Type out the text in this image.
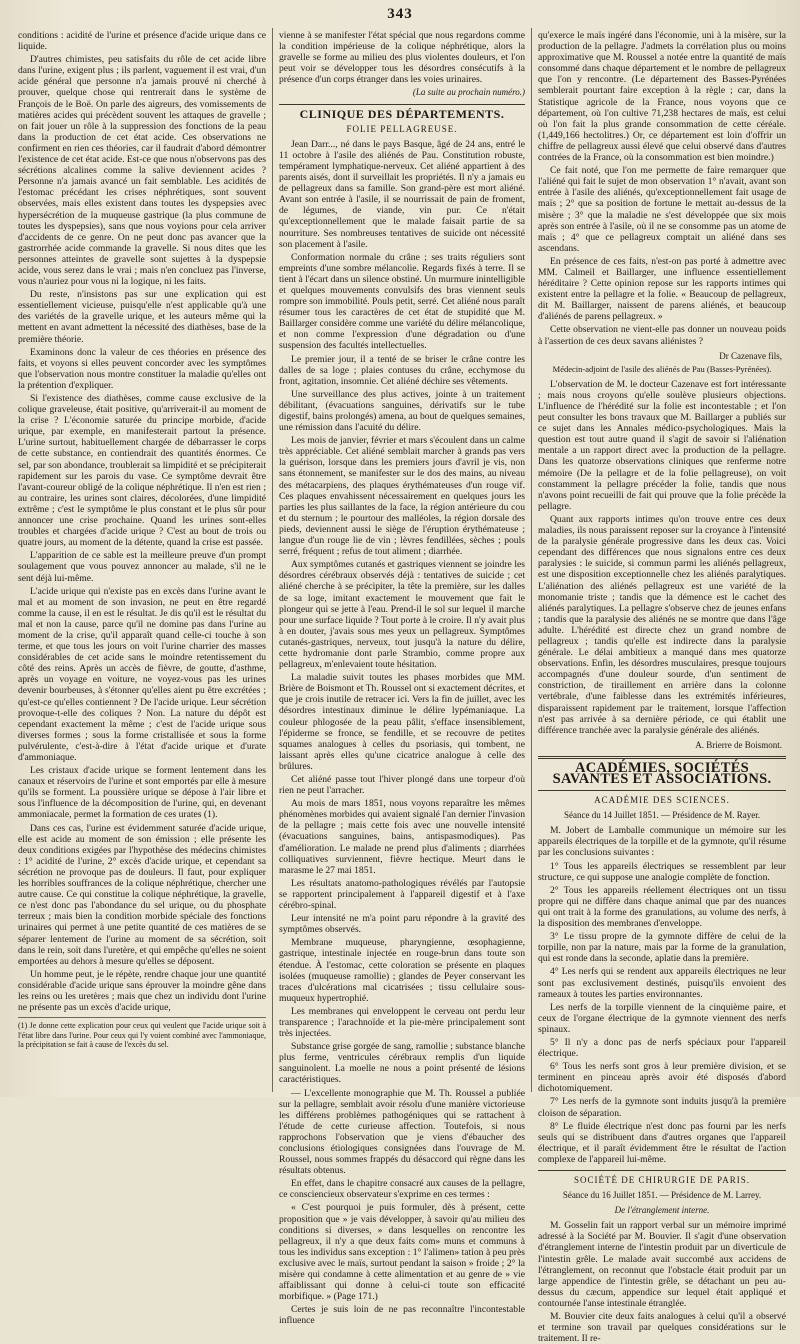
343

conditions : acidité de l'urine et présence d'acide urique dans ce liquide.

D'autres chimistes, peu satisfaits du rôle de cet acide libre dans l'urine, exigent plus ; ils parlent, vaguement il est vrai, d'un acide général que personne n'a jamais prouvé ni cherché à prouver, quelque chose qui rentrerait dans le système de François de le Boë. On parle des aigreurs, des vomissements de matières acides qui précèdent souvent les attaques de gravelle ; on fait jouer un rôle à la suppression des fonctions de la peau dans la production de cet état acide. Ces observations ne confirment en rien ces théories, car il faudrait d'abord démontrer l'existence de cet état acide. Est-ce que nous n'observons pas des sécrétions alcalines comme la salive deviennent acides ? Personne n'a jamais avancé un fait semblable. Les acidités de l'estomac précédant les crises néphrétiques, sont souvent observées, mais elles existent dans toutes les dyspepsies avec hypersécrétion de la muqueuse gastrique (la plus commune de toutes les dyspepsies), sans que nous voyions pour cela arriver d'accidents de ce genre. On ne peut donc pas avancer que la gastrorrhée acide commande la gravelle. Si nous dites que les personnes atteintes de gravelle sont sujettes à la dyspepsie acide, vous serez dans le vrai ; mais n'en concluez pas l'inverse, vous n'auriez pour vous ni la logique, ni les faits.

Du reste, n'insistons pas sur une explication qui est essentiellement vicieuse, puisqu'elle n'est applicable qu'à une des variétés de la gravelle urique, et les auteurs même qui la mettent en avant admettent la nécessité des diathèses, base de la première théorie.

Examinons donc la valeur de ces théories en présence des faits, et voyons si elles peuvent concorder avec les symptômes que l'observation nous montre constituer la maladie qu'elles ont la prétention d'expliquer.

Si l'existence des diathèses, comme cause exclusive de la colique graveleuse, était positive, qu'arriverait-il au moment de la crise ? L'économie saturée du principe morbide, d'acide urique, par exemple, en manifesterait partout la présence. L'urine surtout, habituellement chargée de débarrasser le corps de cette substance, en contiendrait des quantités énormes. Ce sel, par son abondance, troublerait sa limpidité et se précipiterait rapidement sur les parois du vase. Ce symptôme devrait être l'avant-coureur obligé de la colique néphrétique. Il n'en est rien ; au contraire, les urines sont claires, décolorées, d'une limpidité extrême ; c'est le symptôme le plus constant et le plus sûr pour annoncer une crise prochaine. Quand les urines sont-elles troubles et chargées d'acide urique ? C'est au bout de trois ou quatre jours, au moment de la détente, quand la crise est passée.

L'apparition de ce sable est la meilleure preuve d'un prompt soulagement que vous pouvez annoncer au malade, s'il ne le sent déjà lui-même.

L'acide urique qui n'existe pas en excès dans l'urine avant le mal et au moment de son invasion, ne peut en être regardé comme la cause, il en est le résultat. Je dis qu'il est le résultat du mal et non la cause, parce qu'il ne domine pas dans l'urine au moment de la crise, qu'il apparaît quand celle-ci touche à son terme, et que tous les jours on voit l'urine charrier des masses considérables de cet acide sans le moindre retentissement du côté des reins. Après un accès de fièvre, de goutte, d'asthme, après un voyage en voiture, ne voyez-vous pas les urines devenir bourbeuses, à s'étonner qu'elles aient pu être excrétées ; qu'est-ce qu'elles contiennent ? De l'acide urique. Leur sécrétion provoque-t-elle des coliques ? Non. La nature du dépôt est cependant exactement la même ; c'est de l'acide urique sous diverses formes ; sous la forme cristallisée et sous la forme pulvérulente, c'est-à-dire à l'état d'acide urique et d'urate d'ammoniaque.

Les cristaux d'acide urique se forment lentement dans les canaux et réservoirs de l'urine et sont emportés par elle à mesure qu'ils se forment. La poussière urique se dépose à l'air libre et sous l'influence de la décomposition de l'urine, qui, en devenant ammoniacale, permet la formation de ces urates (1).

Dans ces cas, l'urine est évidemment saturée d'acide urique, elle est acide au moment de son émission ; elle présente les deux conditions exigées par l'hypothèse des médecins chimistes : 1° acidité de l'urine, 2° excès d'acide urique, et cependant sa sécrétion ne provoque pas de douleurs. Il faut, pour expliquer les horribles souffrances de la colique néphrétique, chercher une autre cause. Ce qui constitue la colique néphrétique, la gravelle, ce n'est donc pas l'abondance du sel urique, ou du phosphate terreux ; mais bien la condition morbide spéciale des fonctions urinaires qui permet à une petite quantité de ces matières de se séparer lentement de l'urine au moment de sa sécrétion, soit dans le rein, soit dans l'uretère, et qui empêche qu'elles ne soient emportées au dehors à mesure qu'elles se déposent.

Un homme peut, je le répète, rendre chaque jour une quantité considérable d'acide urique sans éprouver la moindre gêne dans les reins ou les uretères ; mais que chez un individu dont l'urine ne présente pas un excès d'acide urique,

(1) Je donne cette explication pour ceux qui veulent que l'acide urique soit à l'état libre dans l'urine. Pour ceux qui l'y voient combiné avec l'ammoniaque, la précipitation se fait à cause de l'excès du sel.

vienne à se manifester l'état spécial que nous regardons comme la condition impérieuse de la colique néphrétique, alors la gravelle se forme au milieu des plus violentes douleurs, et l'on peut voir se développer tous les désordres consécutifs à la présence d'un corps étranger dans les voies urinaires.

(La suite au prochain numéro.)
CLINIQUE DES DÉPARTEMENTS.
FOLIE PELLAGREUSE.

Jean Darr..., né dans le pays Basque, âgé de 24 ans, entré le 11 octobre à l'asile des aliénés de Pau. Constitution robuste, tempérament lymphatique-nerveux. Cet aliéné appartient à des parents aisés, dont il surveillait les propriétés. Il n'y a jamais eu de pellagreux dans sa famille. Son grand-père est mort aliéné. Avant son entrée à l'asile, il se nourrissait de pain de froment, de légumes, de viande, vin pur. Ce n'était qu'exceptionnellement que le malade faisait partie de sa nourriture. Ses nombreuses tentatives de suicide ont nécessité son placement à l'asile.

Conformation normale du crâne ; ses traits réguliers sont empreints d'une sombre mélancolie. Regards fixés à terre. Il se tient à l'écart dans un silence obstiné. Un murmure inintelligible et quelques mouvements convulsifs des bras viennent seuls rompre son immobilité. Pouls petit, serré. Cet aliéné nous paraît résumer tous les caractères de cet état de stupidité que M. Baillarger considère comme une variété du délire mélancolique, et non comme l'expression d'une dégradation ou d'une suspension des facultés intellectuelles.

Le premier jour, il a tenté de se briser le crâne contre les dalles de sa loge ; plaies contuses du crâne, ecchymose du front, agitation, insomnie. Cet aliéné déchire ses vêtements.

Une surveillance des plus actives, jointe à un traitement débilitant, (évacuations sanguines, dérivatifs sur le tube digestif, bains prolongés) amena, au bout de quelques semaines, une rémission dans l'acuité du délire.

Les mois de janvier, février et mars s'écoulent dans un calme très appréciable. Cet aliéné semblait marcher à grands pas vers la guérison, lorsque dans les premiers jours d'avril je vis, non sans étonnement, se manifester sur le dos des mains, au niveau des métacarpiens, des plaques érythémateuses d'un rouge vif. Ces plaques envahissent nécessairement en quelques jours les parties les plus saillantes de la face, la région antérieure du cou et du sternum ; le pourtour des malléoles, la région dorsale des pieds, deviennent aussi le siège de l'éruption érythémateuse ; langue d'un rouge lie de vin ; lèvres fendillées, sèches ; pouls serré, fréquent ; refus de tout aliment ; diarrhée.

Aux symptômes cutanés et gastriques viennent se joindre les désordres cérébraux observés déjà : tentatives de suicide ; cet aliéné cherche à se précipiter, la tête la première, sur les dalles de sa loge, imitant exactement le mouvement que fait le plongeur qui se jette à l'eau. Prend-il le sol sur lequel il marche pour une surface liquide ? Tout porte à le croire. Il n'y avait plus à en douter, j'avais sous mes yeux un pellagreux. Symptômes cutanés-gastriques, nerveux, tout jusqu'à la nature du délire, cette hydromanie dont parle Strambio, comme propre aux pellagreux, m'enlevaient toute hésitation.

La maladie suivit toutes les phases morbides que MM. Brière de Boismont et Th. Roussel ont si exactement décrites, et que je crois inutile de retracer ici. Vers la fin de juillet, avec les désordres intestinaux diminue le délire lypémaniaque. La couleur phlogosée de la peau pâlit, s'efface insensiblement, l'épiderme se fronce, se fendille, et se recouvre de petites squames analogues à celles du psoriasis, qui tombent, ne laissant après elles qu'une cicatrice analogue à celle des brûlures.

Cet aliéné passe tout l'hiver plongé dans une torpeur d'où rien ne peut l'arracher.

Au mois de mars 1851, nous voyons reparaître les mêmes phénomènes morbides qui avaient signalé l'an dernier l'invasion de la pellagre ; mais cette fois avec une nouvelle intensité (évacuations sanguines, bains, antispasmodiques). Pas d'amélioration. Le malade ne prend plus d'aliments ; diarrhées colliquatives surviennent, fièvre hectique. Meurt dans le marasme le 27 mai 1851.

Les résultats anatomo-pathologiques révélés par l'autopsie se rapportent principalement à l'appareil digestif et à l'axe cérébro-spinal.

Leur intensité ne m'a point paru répondre à la gravité des symptômes observés.

Membrane muqueuse, pharyngienne, œsophagienne, gastrique, intestinale injectée en rouge-brun dans toute son étendue. À l'estomac, cette coloration se présente en plaques isolées (muqueuse ramollie) ; glandes de Peyer conservant les traces d'ulcérations mal cicatrisées ; tissu cellulaire sous-muqueux hypertrophié.

Les membranes qui enveloppent le cerveau ont perdu leur transparence ; l'arachnoïde et la pie-mère principalement sont très injectées.

Substance grise gorgée de sang, ramollie ; substance blanche plus ferme, ventricules cérébraux remplis d'un liquide sanguinolent. La moelle ne nous a point présenté de lésions caractéristiques.

— L'excellente monographie que M. Th. Roussel a publiée sur la pellagre, semblait avoir résolu d'une manière victorieuse les différens problèmes pathogéniques qui se rattachent à l'étude de cette curieuse affection. Toutefois, si nous rapprochons l'observation que je viens d'ébaucher des conclusions étiologiques consignées dans l'ouvrage de M. Roussel, nous sommes frappés du désaccord qui règne dans les résultats obtenus.

En effet, dans le chapitre consacré aux causes de la pellagre, ce consciencieux observateur s'exprime en ces termes :

« C'est pourquoi je puis formuler, dès à présent, cette proposition que » je vais développer, à savoir qu'au milieu des conditions si diverses, » dans lesquelles on rencontre les pellagreux, il n'y a que deux faits com» muns et communs à tous les individus sans exception : 1° l'alimen» tation à peu près exclusive avec le maïs, surtout pendant la saison » froide ; 2° la misère qui condamne à cette alimentation et au genre de » vie affaiblissant qui donne à celui-ci toute son efficacité morbifique. » (Page 171.)

Certes je suis loin de ne pas reconnaître l'incontestable influence

qu'exerce le maïs ingéré dans l'économie, uni à la misère, sur la production de la pellagre. J'admets la corrélation plus ou moins approximative que M. Roussel a notée entre la quantité de maïs consommé dans chaque département et le nombre de pellagreux que l'on y rencontre. (Le département des Basses-Pyrénées semblerait pourtant faire exception à la règle ; car, dans la Statistique agricole de la France, nous voyons que ce département, où l'on cultive 71,238 hectares de maïs, est celui où l'on fait la plus grande consommation de cette céréale. (1,449,166 hectolitres.) Or, ce département est loin d'offrir un chiffre de pellagreux aussi élevé que celui observé dans d'autres contrées de la France, où la consommation est bien moindre.)

Ce fait noté, que l'on me permette de faire remarquer que l'aliéné qui fait le sujet de mon observation 1° n'avait, avant son entrée à l'asile des aliénés, qu'exceptionnellement fait usage de maïs ; 2° que sa position de fortune le mettait au-dessus de la misère ; 3° que la maladie ne s'est développée que six mois après son entrée à l'asile, où il ne se consomme pas un atome de maïs ; 4° que ce pellagreux comptait un aliéné dans ses ascendans.

En présence de ces faits, n'est-on pas porté à admettre avec MM. Calmeil et Baillarger, une influence essentiellement héréditaire ? Cette opinion repose sur les rapports intimes qui existent entre la pellagre et la folie. « Beaucoup de pellagreux, dit M. Baillarger, naissent de parens aliénés, et beaucoup d'aliénés de parens pellagreux. »

Cette observation ne vient-elle pas donner un nouveau poids à l'assertion de ces deux savans aliénistes ?

Dr Cazenave fils,
Médecin-adjoint de l'asile des aliénés de Pau (Basses-Pyrénées).

L'observation de M. le docteur Cazenave est fort intéressante ; mais nous croyons qu'elle soulève plusieurs objections. L'influence de l'hérédité sur la folie est incontestable ; et l'on peut consulter les bons travaux que M. Baillarger a publiés sur ce sujet dans les Annales médico-psychologiques. Mais la question est tout autre quand il s'agit de savoir si l'aliénation mentale a un rapport direct avec la production de la pellagre. Dans les quatorze observations cliniques que renferme notre mémoire (De la pellagre et de la folie pellagreuse), on voit constamment la pellagre précéder la folie, tandis que nous n'avons point recueilli de fait qui prouve que la folie précède la pellagre.

Quant aux rapports intimes qu'on trouve entre ces deux maladies, ils nous paraissent reposer sur la croyance à l'intensité de la paralysie générale progressive dans les deux cas. Voici cependant des différences que nous signalons entre ces deux paralysies : le suicide, si commun parmi les aliénés pellagreux, est une disposition exceptionnelle chez les aliénés paralytiques. L'aliénation des aliénés pellagreux est une variété de la monomanie triste ; tandis que la démence est le cachet des aliénés paralytiques. La pellagre s'observe chez de jeunes enfans ; tandis que la paralysie des aliénés ne se montre que dans l'âge adulte. L'hérédité est directe chez un grand nombre de pellagreux ; tandis qu'elle est indirecte dans la paralysie générale. Le délai ambitieux a manqué dans mes quatorze observations. Enfin, les désordres musculaires, presque toujours accompagnés d'une douleur sourde, d'un sentiment de constriction, de tiraillement en arrière dans la colonne vertébrale, d'une faiblesse dans les extrémités inférieures, disparaissent rapidement par le traitement, lorsque l'affection n'est pas arrivée à sa dernière période, ce qui établit une différence tranchée avec la paralysie générale des aliénés.

A. Brierre de Boismont.
ACADÉMIES, SOCIÉTÉS SAVANTES ET ASSOCIATIONS.
ACADÉMIE DES SCIENCES.
Séance du 14 Juillet 1851. — Présidence de M. Rayer.

M. Jobert de Lamballe communique un mémoire sur les appareils électriques de la torpille et de la gymnote, qu'il résume par les conclusions suivantes :

1° Tous les appareils électriques se ressemblent par leur structure, ce qui suppose une analogie complète de fonction.

2° Tous les appareils réellement électriques ont un tissu propre qui ne diffère dans chaque animal que par des nuances qui ont trait à la forme des granulations, au volume des nerfs, à la disposition des membranes d'enveloppe.

3° Le tissu propre de la gymnote diffère de celui de la torpille, non par la nature, mais par la forme de la granulation, qui est ronde dans la seconde, aplatie dans la première.

4° Les nerfs qui se rendent aux appareils électriques ne leur sont pas exclusivement destinés, puisqu'ils envoient des rameaux à toutes les parties environnantes.

Les nerfs de la torpille viennent de la cinquième paire, et ceux de l'organe électrique de la gymnote viennent des nerfs spinaux.

5° Il n'y a donc pas de nerfs spéciaux pour l'appareil électrique.

6° Tous les nerfs sont gros à leur première division, et se terminent en pinceau après avoir été disposés d'abord dichotomiquement.

7° Les nerfs de la gymnote sont induits jusqu'à la première cloison de séparation.

8° Le fluide électrique n'est donc pas fourni par les nerfs seuls qui se distribuent dans d'autres organes que l'appareil électrique, et il paraît évidemment être le résultat de l'action complexe de l'appareil lui-même.

SOCIÉTÉ DE CHIRURGIE DE PARIS.
Séance du 16 Juillet 1851. — Présidence de M. Larrey.
De l'étranglement interne.

M. Gosselin fait un rapport verbal sur un mémoire imprimé adressé à la Société par M. Bouvier. Il s'agit d'une observation d'étranglement interne de l'intestin produit par un diverticule de l'intestin grêle. Le malade avait succombé aux accidens de l'étranglement, on reconnut que l'obstacle était produit par un large appendice de l'intestin grêle, se détachant un peu au-dessus du cæcum, appendice sur lequel était appliqué et contournée l'anse intestinale étranglée.

M. Bouvier cite deux faits analogues à celui qu'il a observé et termine son travail par quelques considérations sur le traitement. Il re-
